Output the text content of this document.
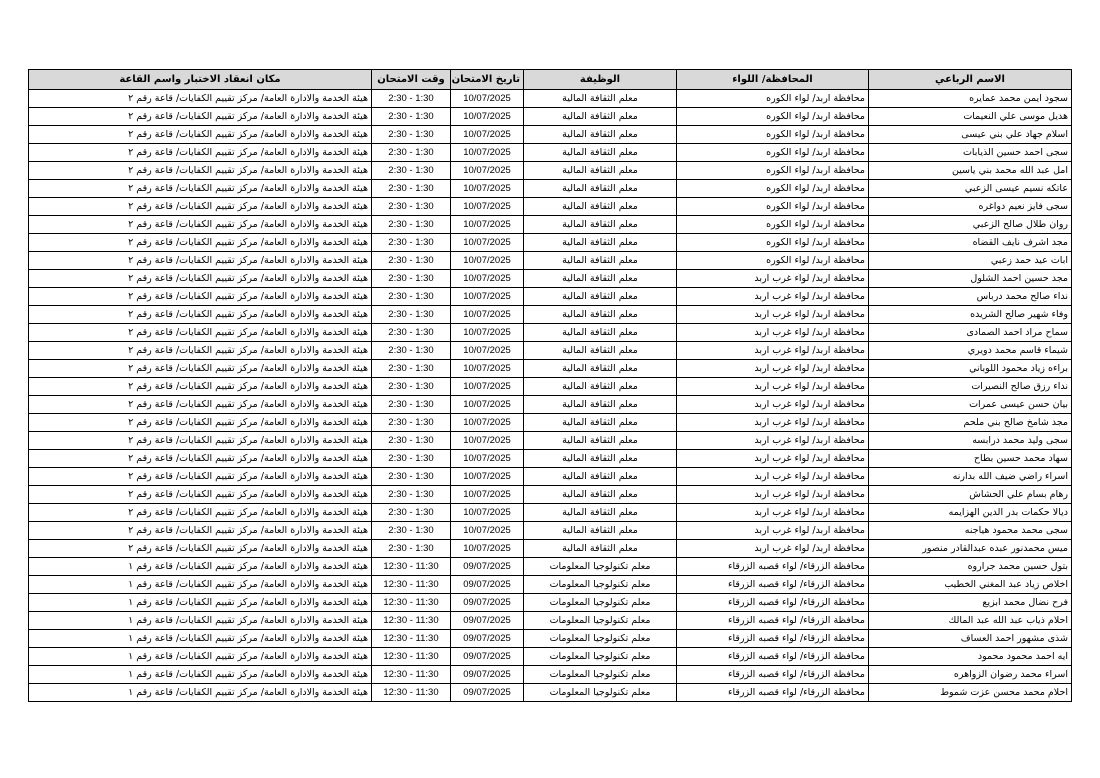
الاسم الرباعي	المحافظة/ اللواء	الوظيفة	تاريخ الامتحان	وقت الامتحان	مكان انعقاد الاختبار واسم القاعة
سجود ايمن محمد عمايره	محافظة اربد/ لواء الكوره	معلم الثقافة المالية	10/07/2025	2:30 - 1:30	هيئة الخدمة والادارة العامة/ مركز تقييم الكفايات/ قاعة رقم ٢
هديل موسى علي النعيمات	محافظة اربد/ لواء الكوره	معلم الثقافة المالية	10/07/2025	2:30 - 1:30	هيئة الخدمة والادارة العامة/ مركز تقييم الكفايات/ قاعة رقم ٢
اسلام جهاد علي بني عيسى	محافظة اربد/ لواء الكوره	معلم الثقافة المالية	10/07/2025	2:30 - 1:30	هيئة الخدمة والادارة العامة/ مركز تقييم الكفايات/ قاعة رقم ٢
سجى احمد حسين الذيابات	محافظة اربد/ لواء الكوره	معلم الثقافة المالية	10/07/2025	2:30 - 1:30	هيئة الخدمة والادارة العامة/ مركز تقييم الكفايات/ قاعة رقم ٢
امل عبد الله محمد بني ياسين	محافظة اربد/ لواء الكوره	معلم الثقافة المالية	10/07/2025	2:30 - 1:30	هيئة الخدمة والادارة العامة/ مركز تقييم الكفايات/ قاعة رقم ٢
عاتكه نسيم عيسى الزعبي	محافظة اربد/ لواء الكوره	معلم الثقافة المالية	10/07/2025	2:30 - 1:30	هيئة الخدمة والادارة العامة/ مركز تقييم الكفايات/ قاعة رقم ٢
سجى فايز نعيم دواغره	محافظة اربد/ لواء الكوره	معلم الثقافة المالية	10/07/2025	2:30 - 1:30	هيئة الخدمة والادارة العامة/ مركز تقييم الكفايات/ قاعة رقم ٢
روان طلال صالح الزعبي	محافظة اربد/ لواء الكوره	معلم الثقافة المالية	10/07/2025	2:30 - 1:30	هيئة الخدمة والادارة العامة/ مركز تقييم الكفايات/ قاعة رقم ٢
مجد اشرف نايف القضاه	محافظة اربد/ لواء الكوره	معلم الثقافة المالية	10/07/2025	2:30 - 1:30	هيئة الخدمة والادارة العامة/ مركز تقييم الكفايات/ قاعة رقم ٢
ابات عيد حمد زعبي	محافظة اربد/ لواء الكوره	معلم الثقافة المالية	10/07/2025	2:30 - 1:30	هيئة الخدمة والادارة العامة/ مركز تقييم الكفايات/ قاعة رقم ٢
مجد حسين احمد الشلول	محافظة اربد/ لواء غرب اربد	معلم الثقافة المالية	10/07/2025	2:30 - 1:30	هيئة الخدمة والادارة العامة/ مركز تقييم الكفايات/ قاعة رقم ٢
نداء صالح محمد درباس	محافظة اربد/ لواء غرب اربد	معلم الثقافة المالية	10/07/2025	2:30 - 1:30	هيئة الخدمة والادارة العامة/ مركز تقييم الكفايات/ قاعة رقم ٢
وفاء شهير صالح الشريده	محافظة اربد/ لواء غرب اربد	معلم الثقافة المالية	10/07/2025	2:30 - 1:30	هيئة الخدمة والادارة العامة/ مركز تقييم الكفايات/ قاعة رقم ٢
سماح مراد احمد الصمادى	محافظة اربد/ لواء غرب اربد	معلم الثقافة المالية	10/07/2025	2:30 - 1:30	هيئة الخدمة والادارة العامة/ مركز تقييم الكفايات/ قاعة رقم ٢
شيماء قاسم محمد دويري	محافظة اربد/ لواء غرب اربد	معلم الثقافة المالية	10/07/2025	2:30 - 1:30	هيئة الخدمة والادارة العامة/ مركز تقييم الكفايات/ قاعة رقم ٢
براءه زياد محمود اللوباني	محافظة اربد/ لواء غرب اربد	معلم الثقافة المالية	10/07/2025	2:30 - 1:30	هيئة الخدمة والادارة العامة/ مركز تقييم الكفايات/ قاعة رقم ٢
نداء رزق صالح النصيرات	محافظة اربد/ لواء غرب اربد	معلم الثقافة المالية	10/07/2025	2:30 - 1:30	هيئة الخدمة والادارة العامة/ مركز تقييم الكفايات/ قاعة رقم ٢
بيان حسن عيسى عمرات	محافظة اربد/ لواء غرب اربد	معلم الثقافة المالية	10/07/2025	2:30 - 1:30	هيئة الخدمة والادارة العامة/ مركز تقييم الكفايات/ قاعة رقم ٢
مجد شامخ صالح بني ملحم	محافظة اربد/ لواء غرب اربد	معلم الثقافة المالية	10/07/2025	2:30 - 1:30	هيئة الخدمة والادارة العامة/ مركز تقييم الكفايات/ قاعة رقم ٢
سجى وليد محمد درابسه	محافظة اربد/ لواء غرب اربد	معلم الثقافة المالية	10/07/2025	2:30 - 1:30	هيئة الخدمة والادارة العامة/ مركز تقييم الكفايات/ قاعة رقم ٢
سهاد محمد حسين بطاح	محافظة اربد/ لواء غرب اربد	معلم الثقافة المالية	10/07/2025	2:30 - 1:30	هيئة الخدمة والادارة العامة/ مركز تقييم الكفايات/ قاعة رقم ٢
اسراء راضي ضيف الله بدارنه	محافظة اربد/ لواء غرب اربد	معلم الثقافة المالية	10/07/2025	2:30 - 1:30	هيئة الخدمة والادارة العامة/ مركز تقييم الكفايات/ قاعة رقم ٢
رهام بسام علي الحشاش	محافظة اربد/ لواء غرب اربد	معلم الثقافة المالية	10/07/2025	2:30 - 1:30	هيئة الخدمة والادارة العامة/ مركز تقييم الكفايات/ قاعة رقم ٢
ديالا حكمات بدر الدين الهزايمه	محافظة اربد/ لواء غرب اربد	معلم الثقافة المالية	10/07/2025	2:30 - 1:30	هيئة الخدمة والادارة العامة/ مركز تقييم الكفايات/ قاعة رقم ٢
سجى محمد محمود هياجنه	محافظة اربد/ لواء غرب اربد	معلم الثقافة المالية	10/07/2025	2:30 - 1:30	هيئة الخدمة والادارة العامة/ مركز تقييم الكفايات/ قاعة رقم ٢
ميس محمدنور عبده عبدالقادر منصور	محافظة اربد/ لواء غرب اربد	معلم الثقافة المالية	10/07/2025	2:30 - 1:30	هيئة الخدمة والادارة العامة/ مركز تقييم الكفايات/ قاعة رقم ٢
بتول حسين محمد جراروه	محافظة الزرقاء/ لواء قصبه الزرقاء	معلم تكنولوجيا المعلومات	09/07/2025	12:30 - 11:30	هيئة الخدمة والادارة العامة/ مركز تقييم الكفايات/ قاعة رقم ١
اخلاص زياد عبد المغني الخطيب	محافظة الزرقاء/ لواء قصبه الزرقاء	معلم تكنولوجيا المعلومات	09/07/2025	12:30 - 11:30	هيئة الخدمة والادارة العامة/ مركز تقييم الكفايات/ قاعة رقم ١
فرح نضال محمد ابزيع	محافظة الزرقاء/ لواء قصبه الزرقاء	معلم تكنولوجيا المعلومات	09/07/2025	12:30 - 11:30	هيئة الخدمة والادارة العامة/ مركز تقييم الكفايات/ قاعة رقم ١
احلام ذياب عبد الله عبد المالك	محافظة الزرقاء/ لواء قصبه الزرقاء	معلم تكنولوجيا المعلومات	09/07/2025	12:30 - 11:30	هيئة الخدمة والادارة العامة/ مركز تقييم الكفايات/ قاعة رقم ١
شذى مشهور احمد العساف	محافظة الزرقاء/ لواء قصبه الزرقاء	معلم تكنولوجيا المعلومات	09/07/2025	12:30 - 11:30	هيئة الخدمة والادارة العامة/ مركز تقييم الكفايات/ قاعة رقم ١
ايه احمد محمود محمود	محافظة الزرقاء/ لواء قصبه الزرقاء	معلم تكنولوجيا المعلومات	09/07/2025	12:30 - 11:30	هيئة الخدمة والادارة العامة/ مركز تقييم الكفايات/ قاعة رقم ١
اسراء محمد رضوان الزواهره	محافظة الزرقاء/ لواء قصبه الزرقاء	معلم تكنولوجيا المعلومات	09/07/2025	12:30 - 11:30	هيئة الخدمة والادارة العامة/ مركز تقييم الكفايات/ قاعة رقم ١
احلام محمد محسن عزت شموط	محافظة الزرقاء/ لواء قصبه الزرقاء	معلم تكنولوجيا المعلومات	09/07/2025	12:30 - 11:30	هيئة الخدمة والادارة العامة/ مركز تقييم الكفايات/ قاعة رقم ١
